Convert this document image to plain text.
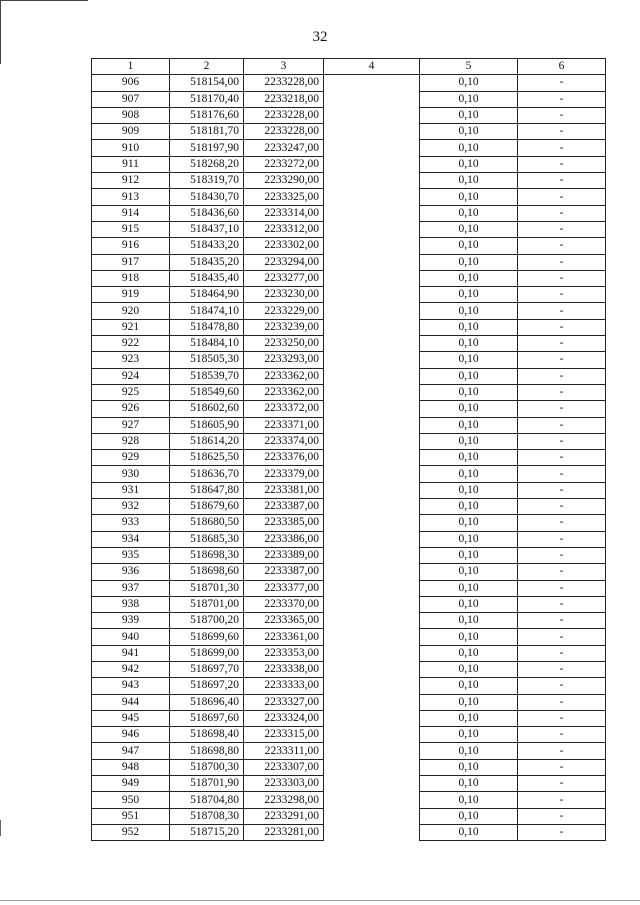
32
1	2	3	4	5	6
906	518154,00	2233228,00		0,10	-
907	518170,40	2233218,00		0,10	-
908	518176,60	2233228,00		0,10	-
909	518181,70	2233228,00		0,10	-
910	518197,90	2233247,00		0,10	-
911	518268,20	2233272,00		0,10	-
912	518319,70	2233290,00		0,10	-
913	518430,70	2233325,00		0,10	-
914	518436,60	2233314,00		0,10	-
915	518437,10	2233312,00		0,10	-
916	518433,20	2233302,00		0,10	-
917	518435,20	2233294,00		0,10	-
918	518435,40	2233277,00		0,10	-
919	518464,90	2233230,00		0,10	-
920	518474,10	2233229,00		0,10	-
921	518478,80	2233239,00		0,10	-
922	518484,10	2233250,00		0,10	-
923	518505,30	2233293,00		0,10	-
924	518539,70	2233362,00		0,10	-
925	518549,60	2233362,00		0,10	-
926	518602,60	2233372,00		0,10	-
927	518605,90	2233371,00		0,10	-
928	518614,20	2233374,00		0,10	-
929	518625,50	2233376,00		0,10	-
930	518636,70	2233379,00		0,10	-
931	518647,80	2233381,00		0,10	-
932	518679,60	2233387,00		0,10	-
933	518680,50	2233385,00		0,10	-
934	518685,30	2233386,00		0,10	-
935	518698,30	2233389,00		0,10	-
936	518698,60	2233387,00		0,10	-
937	518701,30	2233377,00		0,10	-
938	518701,00	2233370,00		0,10	-
939	518700,20	2233365,00		0,10	-
940	518699,60	2233361,00		0,10	-
941	518699,00	2233353,00		0,10	-
942	518697,70	2233338,00		0,10	-
943	518697,20	2233333,00		0,10	-
944	518696,40	2233327,00		0,10	-
945	518697,60	2233324,00		0,10	-
946	518698,40	2233315,00		0,10	-
947	518698,80	2233311,00		0,10	-
948	518700,30	2233307,00		0,10	-
949	518701,90	2233303,00		0,10	-
950	518704,80	2233298,00		0,10	-
951	518708,30	2233291,00		0,10	-
952	518715,20	2233281,00		0,10	-
